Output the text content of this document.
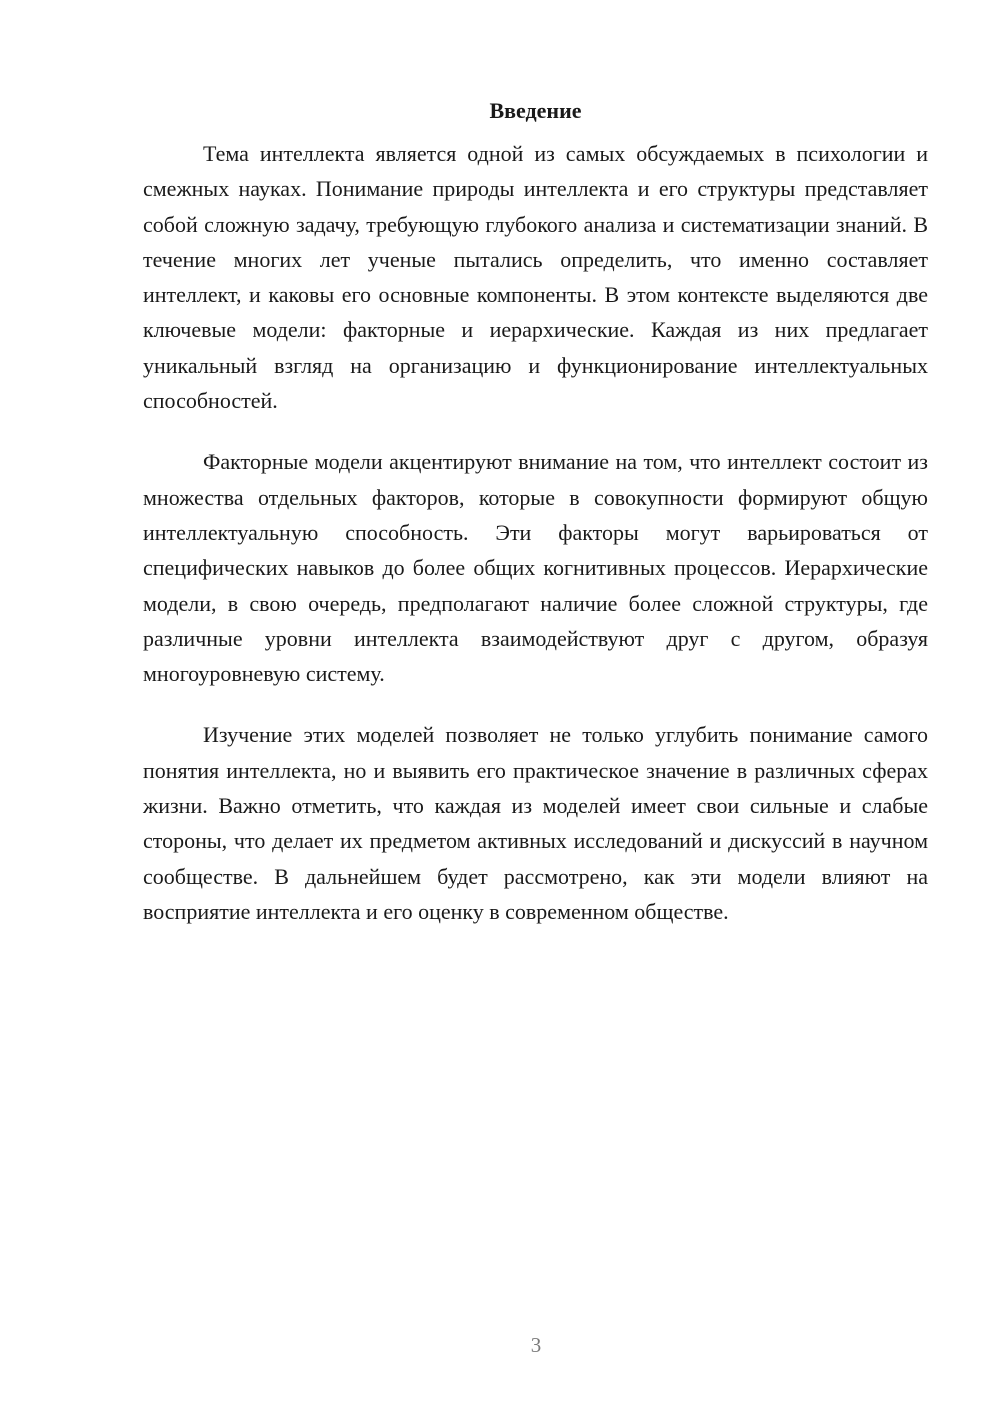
Введение

Тема интеллекта является одной из самых обсуждаемых в психологии и смежных науках. Понимание природы интеллекта и его структуры представляет собой сложную задачу, требующую глубокого анализа и систематизации знаний. В течение многих лет ученые пытались определить, что именно составляет интеллект, и каковы его основные компоненты. В этом контексте выделяются две ключевые модели: факторные и иерархические. Каждая из них предлагает уникальный взгляд на организацию и функционирование интеллектуальных способностей.

Факторные модели акцентируют внимание на том, что интеллект состоит из множества отдельных факторов, которые в совокупности формируют общую интеллектуальную способность. Эти факторы могут варьироваться от специфических навыков до более общих когнитивных процессов. Иерархические модели, в свою очередь, предполагают наличие более сложной структуры, где различные уровни интеллекта взаимодействуют друг с другом, образуя многоуровневую систему.

Изучение этих моделей позволяет не только углубить понимание самого понятия интеллекта, но и выявить его практическое значение в различных сферах жизни. Важно отметить, что каждая из моделей имеет свои сильные и слабые стороны, что делает их предметом активных исследований и дискуссий в научном сообществе. В дальнейшем будет рассмотрено, как эти модели влияют на восприятие интеллекта и его оценку в современном обществе.

3
